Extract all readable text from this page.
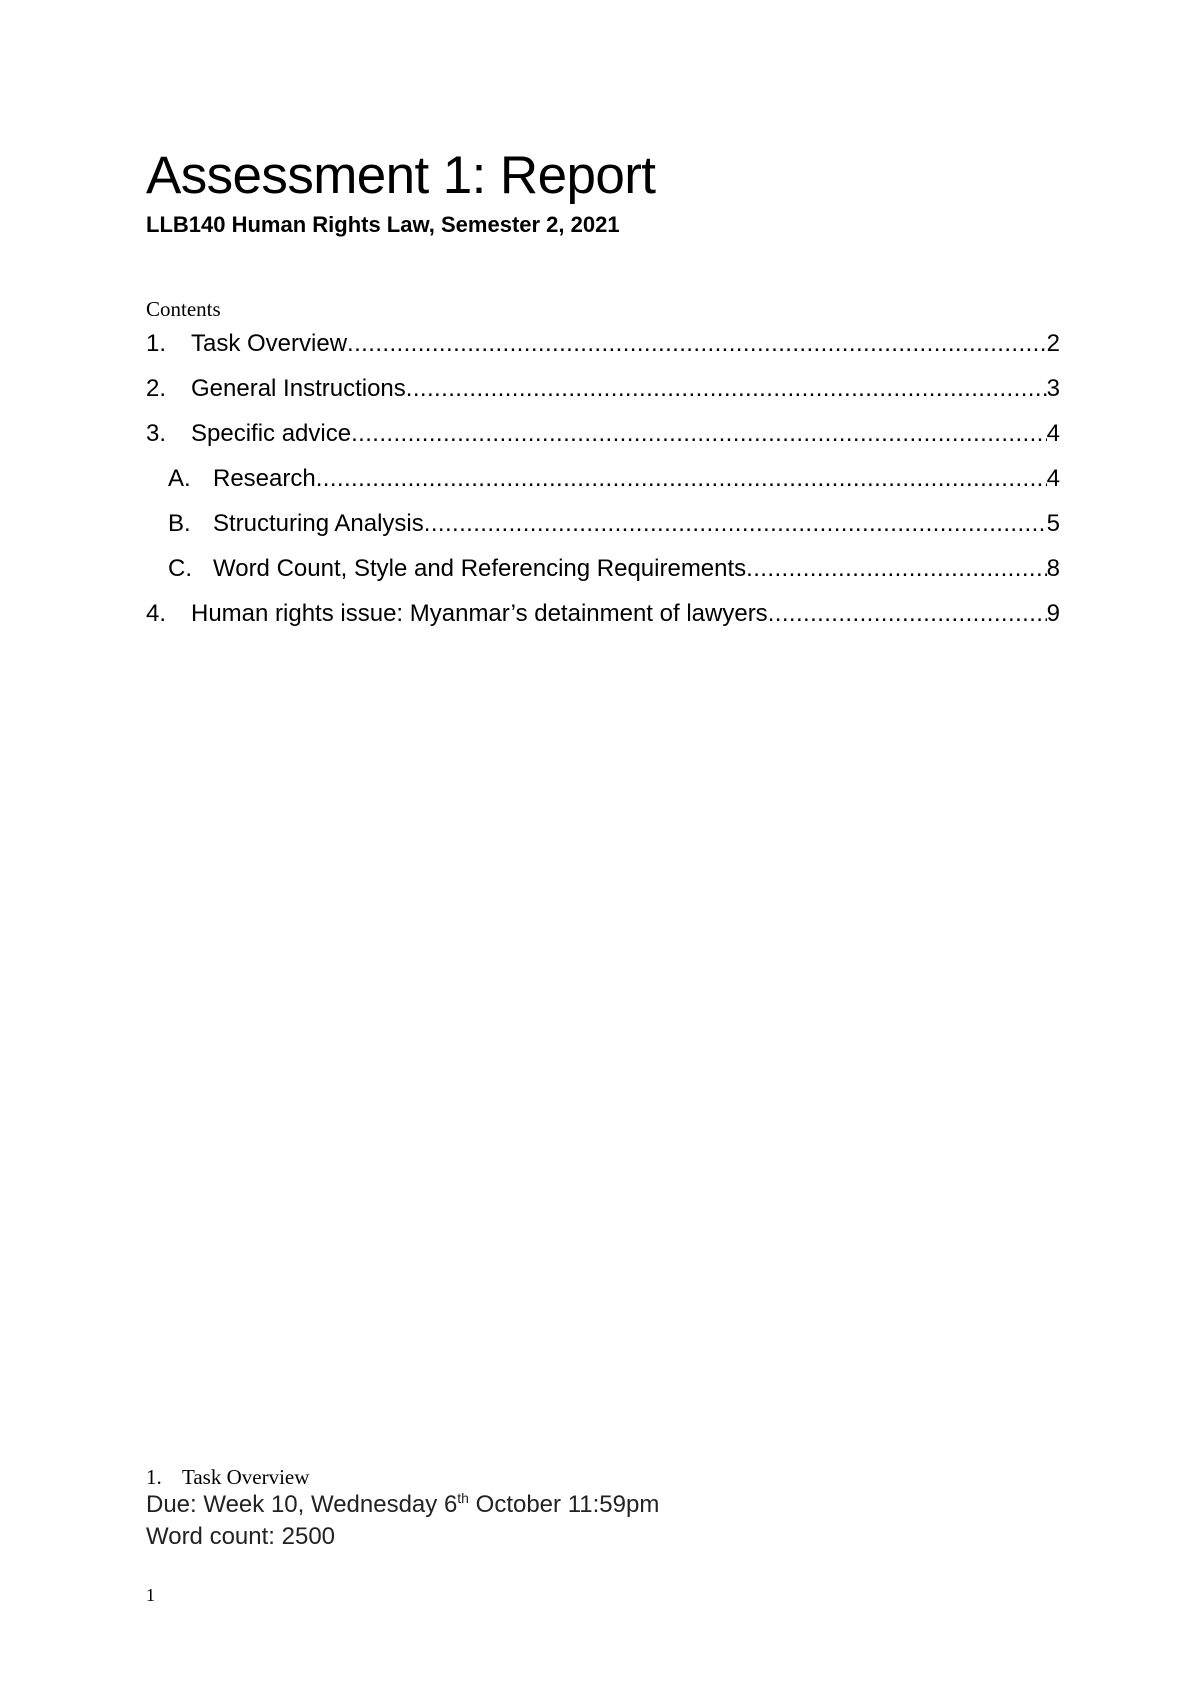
Assessment 1: Report
LLB140 Human Rights Law, Semester 2, 2021
Contents
1.	Task Overview .....	2
2.	General Instructions .....	3
3.	Specific advice .....	4
A. Research .....	4
B. Structuring Analysis .....	5
C. Word Count, Style and Referencing Requirements .....	8
4.	Human rights issue: Myanmar’s detainment of lawyers .....	9
1. Task Overview
Due: Week 10, Wednesday 6th October 11:59pm
Word count: 2500
1
